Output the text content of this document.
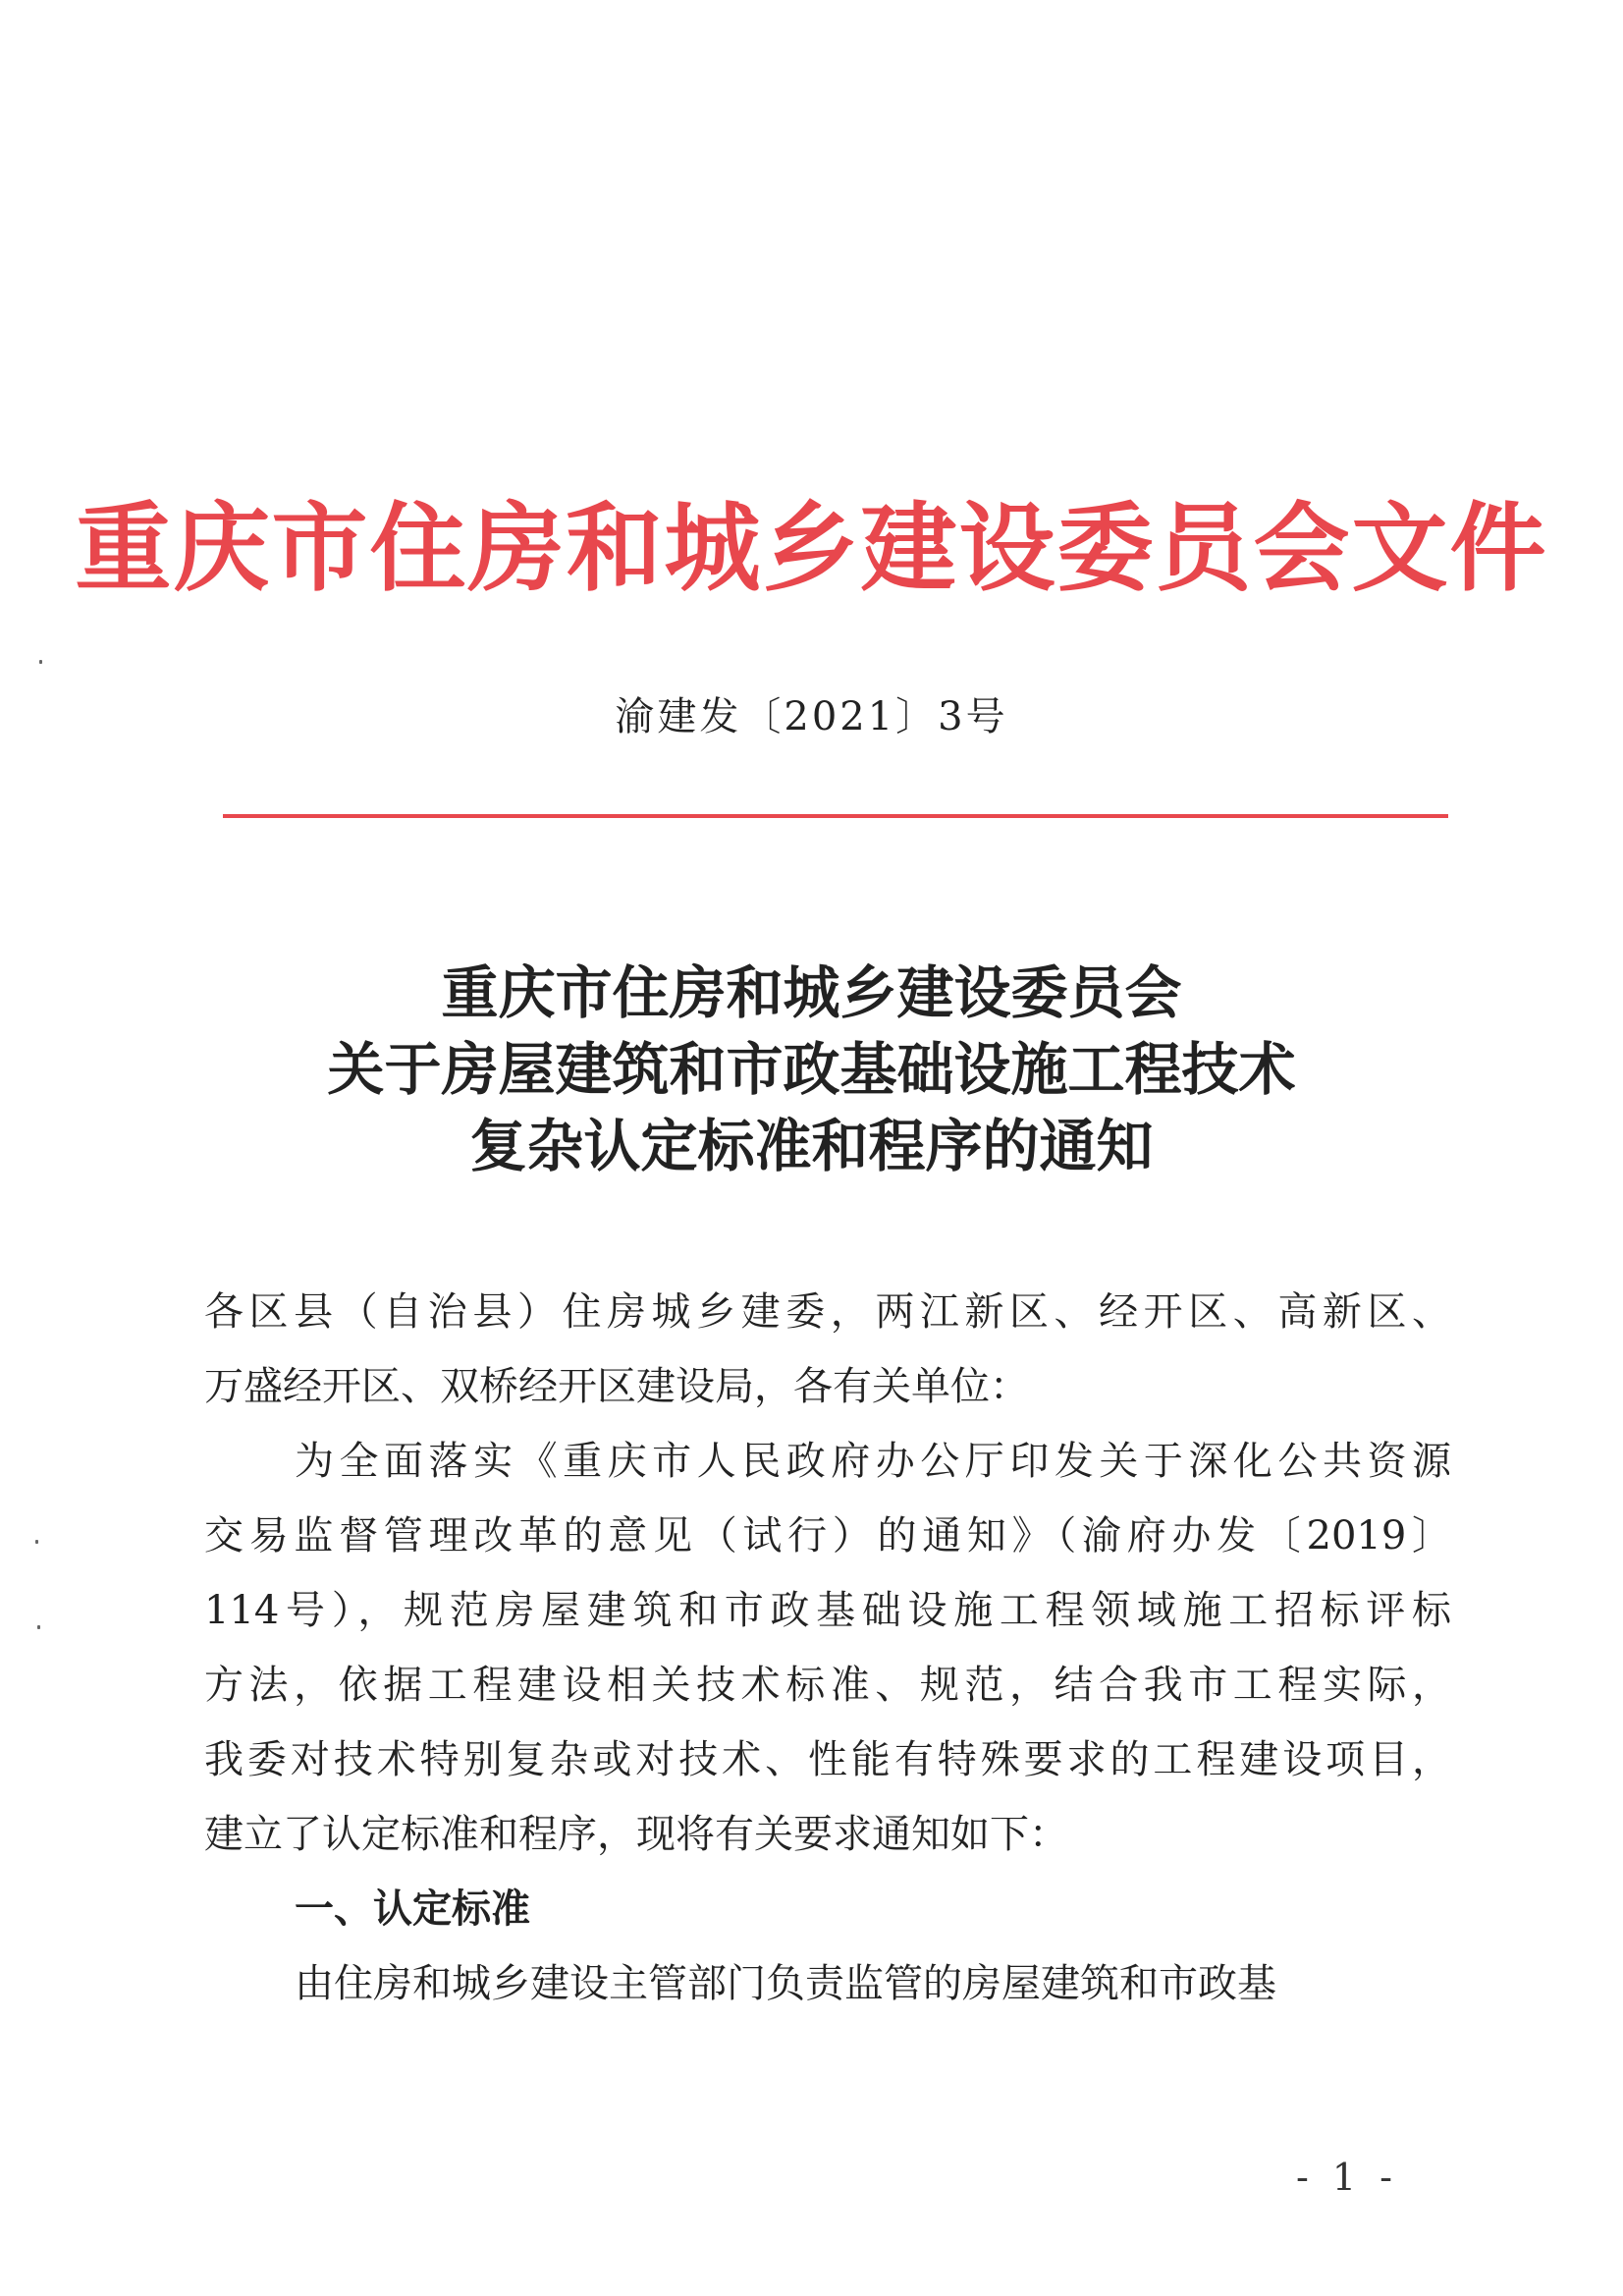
重庆市住房和城乡建设委员会文件
渝建发〔2021〕3号
重庆市住房和城乡建设委员会
关于房屋建筑和市政基础设施工程技术
复杂认定标准和程序的通知
各区县（自治县）住房城乡建委，两江新区、经开区、高新区、
万盛经开区、双桥经开区建设局，各有关单位：
为全面落实《重庆市人民政府办公厅印发关于深化公共资源
交易监督管理改革的意见（试行）的通知》（渝府办发〔2019〕
114号），规范房屋建筑和市政基础设施工程领域施工招标评标
方法，依据工程建设相关技术标准、规范，结合我市工程实际，
我委对技术特别复杂或对技术、性能有特殊要求的工程建设项目，
建立了认定标准和程序，现将有关要求通知如下：
一、认定标准
由住房和城乡建设主管部门负责监管的房屋建筑和市政基
- 1 -
